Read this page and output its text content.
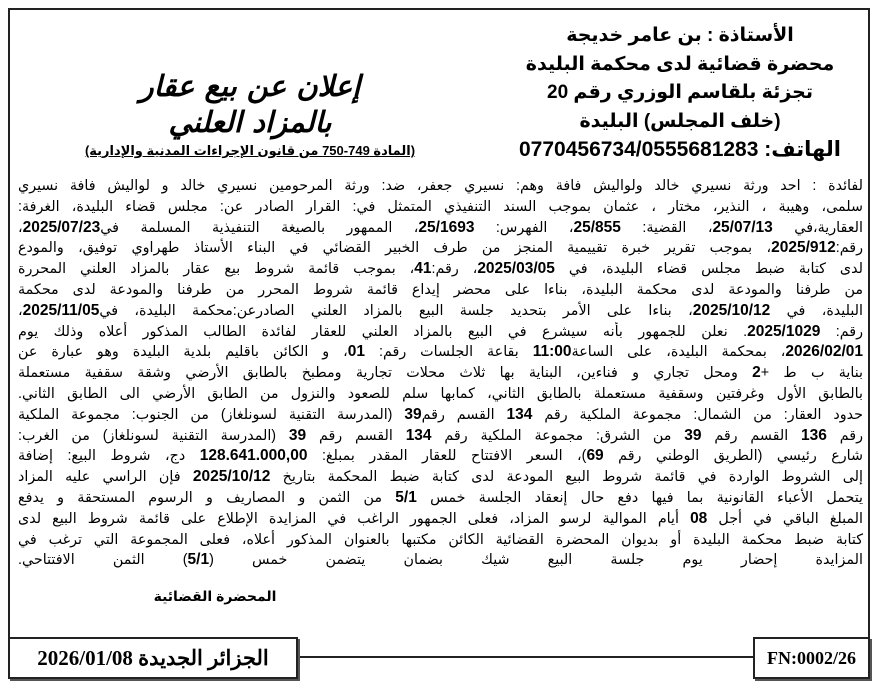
الأستاذة : بن عامر خديجة
محضرة قضائية لدى محكمة البليدة
تجزئة بلقاسم الوزري رقم 20
(خلف المجلس) البليدة
الهاتف: 0770456734/0555681283
إعلان عن بيع عقار
بالمزاد العلني
(المادة 749-750 من قانون الإجراءات المدنية والإدارية)
لفائدة : احد ورثة نسيري خالد ولواليش فافة وهم: نسيري جعفر، ضد: ورثة المرحومين نسيري خالد و لواليش فافة نسيري
سلمى، وهيبة ، النذير، مختار ، عثمان بموجب السند التنفيذي المتمثل في: القرار الصادر عن: مجلس قضاء البليدة، الغرفة:
العقارية،في 25/07/13، القضية: 25/855، الفهرس: 25/1693، الممهور بالصيغة التنفيذية المسلمة في2025/07/23،
رقم:2025/912، بموجب تقرير خبرة تقييمية المنجز من طرف الخبير القضائي في البناء الأستاذ طهراوي توفيق، والمودع
لدى كتابة ضبط مجلس قضاء البليدة، في 2025/03/05، رقم:41، بموجب قائمة شروط بيع عقار بالمزاد العلني المحررة
من طرفنا والمودعة لدى محكمة البليدة، بناءا على محضر إيداع قائمة شروط المحرر من طرفنا والمودعة لدى محكمة
البليدة، في 2025/10/12، بناءا على الأمر بتحديد جلسة البيع بالمزاد العلني الصادرعن:محكمة البليدة، في2025/11/05،
رقم: 2025/1029. نعلن للجمهور بأنه سيشرع في البيع بالمزاد العلني للعقار لفائدة الطالب المذكور أعلاه وذلك يوم
2026/02/01، بمحكمة البليدة، على الساعة11:00 بقاعة الجلسات رقم: 01، و الكائن باقليم بلدية البليدة وهو عبارة عن
بناية ب ط +2 ومحل تجاري و فناءين، البناية بها ثلاث محلات تجارية ومطبخ بالطابق الأرضي وشقة سقفية مستعملة
بالطابق الأول وغرفتين وسقفية مستعملة بالطابق الثاني، كمابها سلم للصعود والنزول من الطابق الأرضي الى الطابق الثاني.
حدود العقار: من الشمال: مجموعة الملكية رقم 134 القسم رقم39 (المدرسة التقنية لسونلغاز) من الجنوب: مجموعة الملكية
رقم 136 القسم رقم 39 من الشرق: مجموعة الملكية رقم 134 القسم رقم 39 (المدرسة التقنية لسونلغاز) من الغرب:
شارع رئيسي (الطريق الوطني رقم 69)، السعر الافتتاح للعقار المقدر بمبلغ: 128.641.000,00 دج، شروط البيع: إضافة
إلى الشروط الواردة في قائمة شروط البيع المودعة لدى كتابة ضبط المحكمة بتاريخ 2025/10/12 فإن الراسي عليه المزاد
يتحمل الأعباء القانونية بما فيها دفع حال إنعقاد الجلسة خمس 5/1 من الثمن و المصاريف و الرسوم المستحقة و يدفع
المبلغ الباقي في أجل 08 أيام الموالية لرسو المزاد، فعلى الجمهور الراغب في المزايدة الإطلاع على قائمة شروط البيع لدى
كتابة ضبط محكمة البليدة أو بديوان المحضرة القضائية الكائن مكتبها بالعنوان المذكور أعلاه، فعلى المجموعة التي ترغب في
المزايدة إحضار يوم جلسة البيع شيك بضمان يتضمن خمس (5/1) الثمن الافتتاحي.
المحضرة القضائية
الجزائر الجديدة 2026/01/08	FN:0002/26
